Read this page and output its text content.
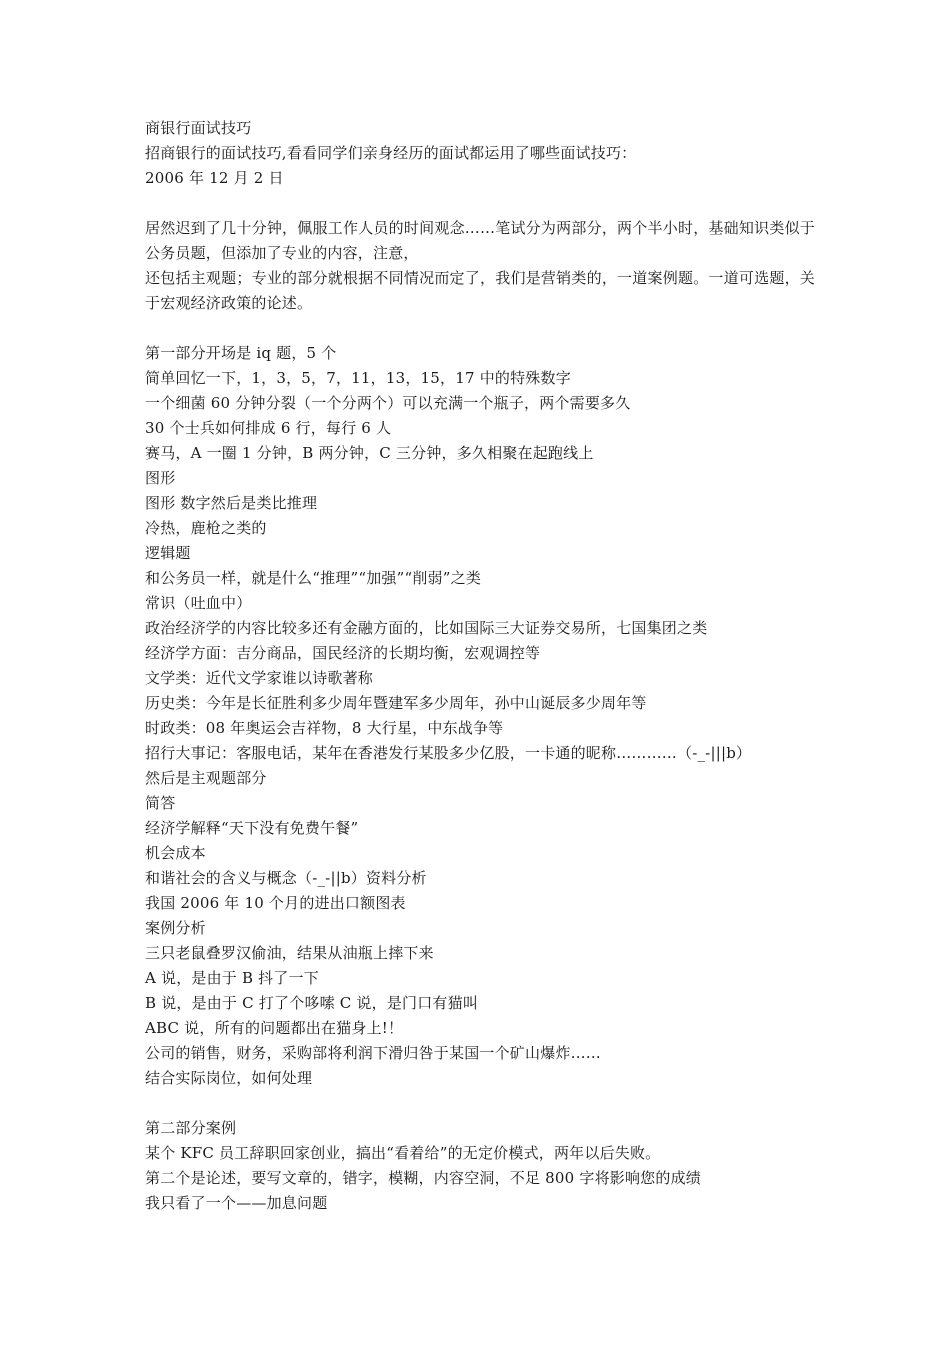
商银行面试技巧
招商银行的面试技巧,看看同学们亲身经历的面试都运用了哪些面试技巧：
2006 年 12 月 2 日
居然迟到了几十分钟，佩服工作人员的时间观念……笔试分为两部分，两个半小时，基础知识类似于公务员题，但添加了专业的内容，注意，
还包括主观题；专业的部分就根据不同情况而定了，我们是营销类的，一道案例题。一道可选题，关于宏观经济政策的论述。
第一部分开场是 iq 题，5 个
简单回忆一下，1，3，5，7，11，13，15，17 中的特殊数字
一个细菌 60 分钟分裂（一个分两个）可以充满一个瓶子，两个需要多久
30 个士兵如何排成 6 行，每行 6 人
赛马，A 一圈 1 分钟，B 两分钟，C 三分钟，多久相聚在起跑线上
图形
图形 数字然后是类比推理
冷热，鹿枪之类的
逻辑题
和公务员一样，就是什么“推理”“加强”“削弱”之类
常识（吐血中）
政治经济学的内容比较多还有金融方面的，比如国际三大证券交易所，七国集团之类
经济学方面：吉分商品，国民经济的长期均衡，宏观调控等
文学类：近代文学家谁以诗歌著称
历史类：今年是长征胜利多少周年暨建军多少周年，孙中山诞辰多少周年等
时政类：08 年奥运会吉祥物，8 大行星，中东战争等
招行大事记：客服电话，某年在香港发行某股多少亿股，一卡通的昵称…………（-_-|||b）
然后是主观题部分
简答
经济学解释“天下没有免费午餐”
机会成本
和谐社会的含义与概念（-_-||b）资料分析
我国 2006 年 10 个月的进出口额图表
案例分析
三只老鼠叠罗汉偷油，结果从油瓶上摔下来
A 说，是由于 B 抖了一下
B 说，是由于 C 打了个哆嗦 C 说，是门口有猫叫
ABC 说，所有的问题都出在猫身上!！
公司的销售，财务，采购部将利润下滑归咎于某国一个矿山爆炸……
结合实际岗位，如何处理
第二部分案例
某个 KFC 员工辞职回家创业，搞出“看着给”的无定价模式，两年以后失败。
第二个是论述，要写文章的，错字，模糊，内容空洞，不足 800 字将影响您的成绩
我只看了一个——加息问题
